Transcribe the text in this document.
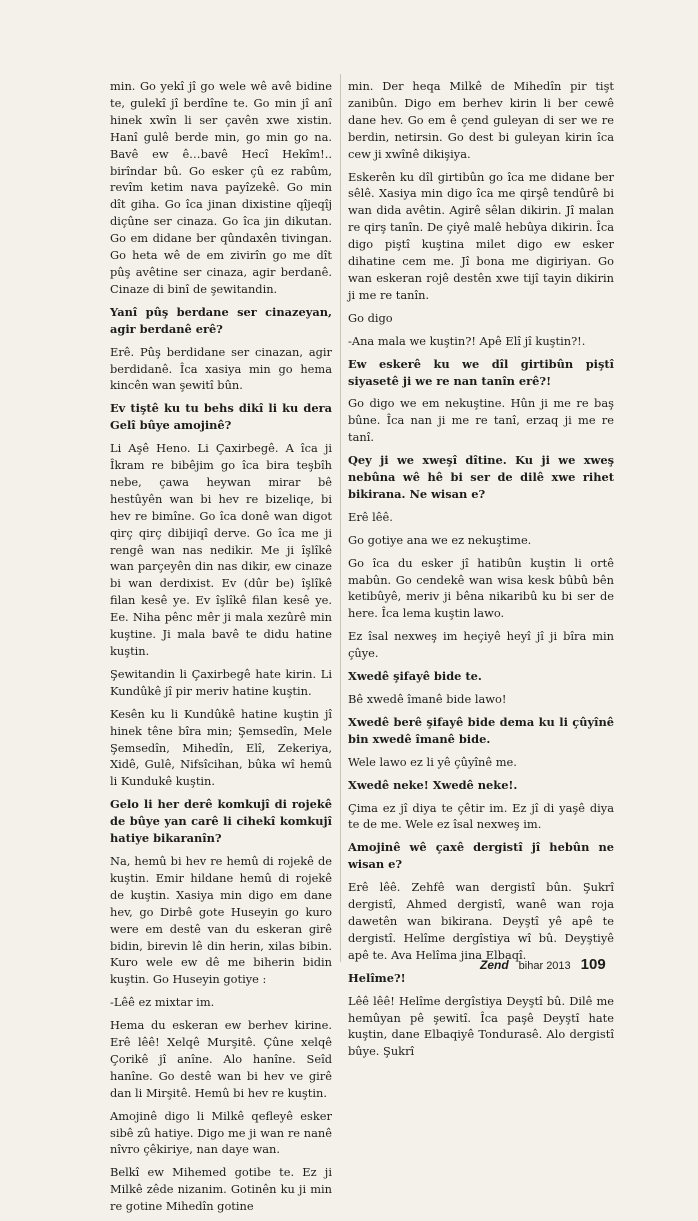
min. Go yekî jî go wele wê avê bidine te, gulekî jî berdîne te. Go min jî anî hinek xwîn li ser çavên xwe xistin. Hanî gulê berde min, go min go na. Bavê ew ê…bavê Hecî Hekîm!.. birîndar bû. Go esker çû ez rabûm, revîm ketim nava payîzekê. Go min dît giha. Go îca jinan dixistine qîjeqîj diçûne ser cinaza. Go îca jin dikutan. Go em didane ber qûndaxên tivingan. Go heta wê de em zivirîn go me dît pûş avêtine ser cinaza, agir berdanê. Cinaze di binî de şewitandin.

Yanî pûş berdane ser cinazeyan, agir berdanê erê?

Erê. Pûş berdidane ser cinazan, agir berdidanê. Îca xasiya min go hema kincên wan şewitî bûn.

Ev tiştê ku tu behs dikî li ku dera Gelî bûye amojinê?

Li Aşê Heno. Li Çaxirbegê. A îca ji Îkram re bibêjim go îca bira teşbîh nebe, çawa heywan mirar bê hestûyên wan bi hev re bizeliqe, bi hev re bimîne. Go îca donê wan digot qirç qirç dibijiqî derve. Go îca me ji rengê wan nas nedikir. Me ji îşlîkê wan parçeyên din nas dikir, ew cinaze bi wan derdixist. Ev (dûr be) îşlîkê filan kesê ye. Ev îşlîkê filan kesê ye. Ee. Niha pênc mêr ji mala xezûrê min kuştine. Ji mala bavê te didu hatine kuştin.

Şewitandin li Çaxirbegê hate kirin. Li Kundûkê jî pir meriv hatine kuştin.

Kesên ku li Kundûkê hatine kuştin jî hinek têne bîra min; Şemsedîn, Mele Şemsedîn, Mihedîn, Elî, Zekeriya, Xidê, Gulê, Nifsîcihan, bûka wî hemû li Kundukê kuştin.

Gelo li her derê komkujî di rojekê de bûye yan carê li cihekî komkujî hatiye bikaranîn?

Na, hemû bi hev re hemû di rojekê de kuştin. Emir hildane hemû di rojekê de kuştin. Xasiya min digo em dane hev, go Dirbê gote Huseyin go kuro were em destê van du eskeran girê bidin, birevin lê din herin, xilas bibin. Kuro wele ew dê me biherin bidin kuştin. Go Huseyin gotiye :

-Lêê ez mixtar im.

Hema du eskeran ew berhev kirine. Erê lêê! Xelqê Murşitê. Çûne xelqê Çorikê jî anîne. Alo hanîne. Seîd hanîne. Go destê wan bi hev ve girê dan li Mirşitê. Hemû bi hev re kuştin.

Amojinê digo li Milkê qefleyê esker sibê zû hatiye. Digo me ji wan re nanê nîvro çêkiriye, nan daye wan.

Belkî ew Mihemed gotibe te. Ez ji Milkê zêde nizanim. Gotinên ku ji min re gotine Mihedîn gotine

min. Der heqa Milkê de Mihedîn pir tişt zanibûn. Digo em berhev kirin li ber cewê dane hev. Go em ê çend guleyan di ser we re berdin, netirsin. Go dest bi guleyan kirin îca cew ji xwînê dikişiya.

Eskerên ku dîl girtibûn go îca me didane ber sêlê. Xasiya min digo îca me qirşê tendûrê bi wan dida avêtin. Agirê sêlan dikirin. Jî malan re qirş tanîn. De çiyê malê hebûya dikirin. Îca digo piştî kuştina milet digo ew esker dihatine cem me. Jî bona me digiriyan. Go wan eskeran rojê destên xwe tijî tayin dikirin ji me re tanîn.

Go digo

-Ana mala we kuştin?! Apê Elî jî kuştin?!.

Ew eskerê ku we dîl girtibûn piştî siyasetê ji we re nan tanîn erê?!

Go digo we em nekuştine. Hûn ji me re baş bûne. Îca nan ji me re tanî, erzaq ji me re tanî.

Qey ji we xweşî dîtine. Ku ji we xweş nebûna wê hê bi ser de dilê xwe rihet bikirana. Ne wisan e?

Erê lêê.

Go gotiye ana we ez nekuştime.

Go îca du esker jî hatibûn kuştin li ortê mabûn. Go cendekê wan wisa kesk bûbû bên ketibûyê, meriv ji bêna nikaribû ku bi ser de here. Îca lema kuştin lawo.

Ez îsal nexweş im heçiyê heyî jî ji bîra min çûye.

Xwedê şifayê bide te.

Bê xwedê îmanê bide lawo!

Xwedê berê şifayê bide dema ku li çûyînê bin xwedê îmanê bide.

Wele lawo ez li yê çûyînê me.

Xwedê neke! Xwedê neke!.

Çima ez jî diya te çêtir im. Ez jî di yaşê diya te de me. Wele ez îsal nexweş im.

Amojinê wê çaxê dergistî jî hebûn ne wisan e?

Erê lêê. Zehfê wan dergistî bûn. Şukrî dergistî, Ahmed dergistî, wanê wan roja dawetên wan bikirana. Deyştî yê apê te dergistî. Helîme dergîstiya wî bû. Deyştiyê apê te. Ava Helîma jina Elbaqî.

Helîme?!

Lêê lêê! Helîme dergîstiya Deyştî bû. Dilê me hemûyan pê şewitî. Îca paşê Deyştî hate kuştin, dane Elbaqiyê Tondurasê. Alo dergistî bûye. Şukrî

Zend bihar 2013 109
